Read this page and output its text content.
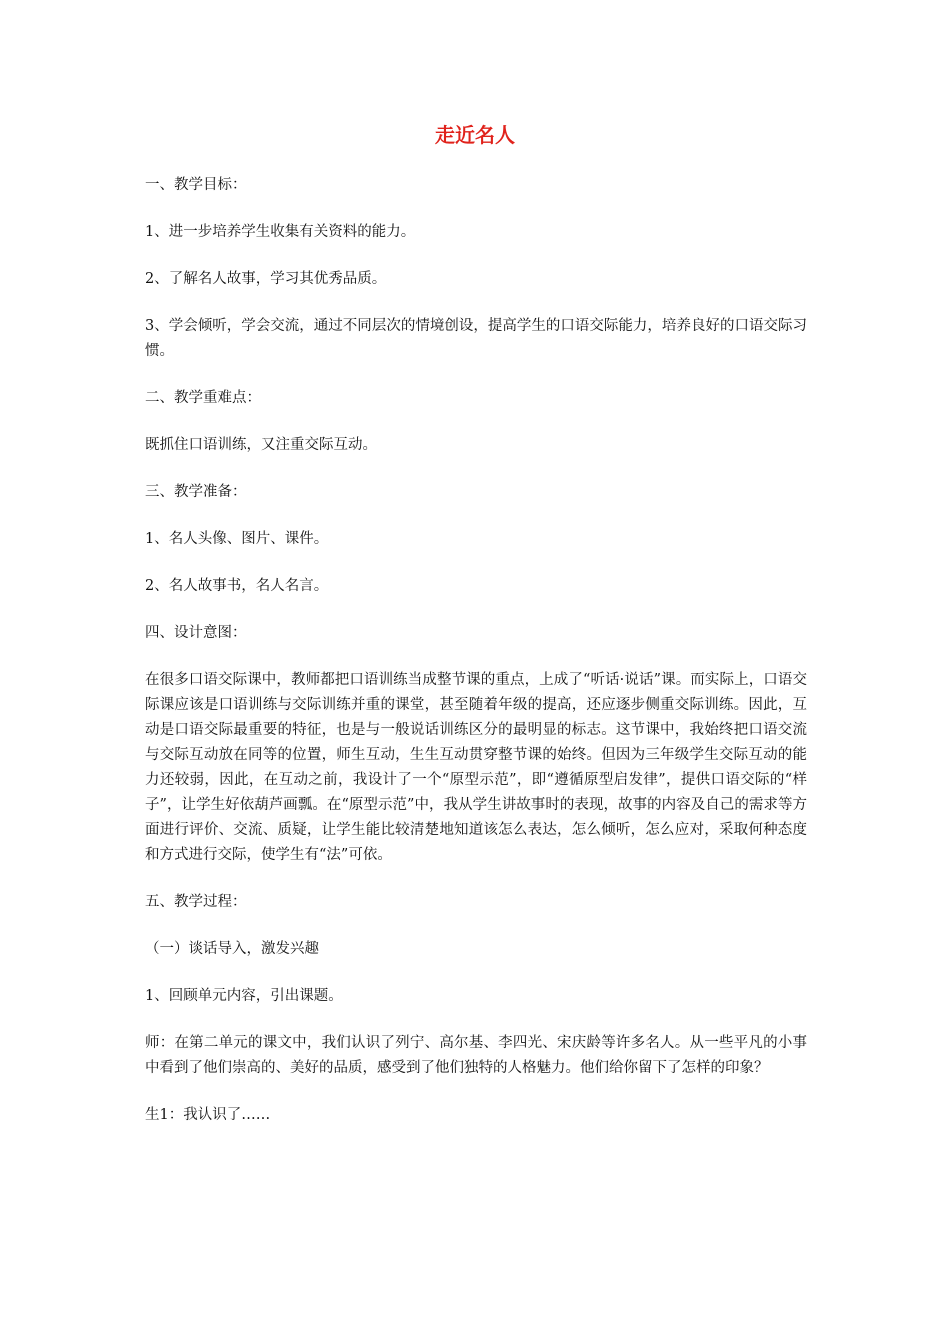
走近名人

一、教学目标：

1、进一步培养学生收集有关资料的能力。

2、了解名人故事，学习其优秀品质。

3、学会倾听，学会交流，通过不同层次的情境创设，提高学生的口语交际能力，培养良好的口语交际习惯。

二、教学重难点：

既抓住口语训练，又注重交际互动。

三、教学准备：

1、名人头像、图片、课件。

2、名人故事书，名人名言。

四、设计意图：

在很多口语交际课中，教师都把口语训练当成整节课的重点，上成了“听话·说话”课。而实际上，口语交际课应该是口语训练与交际训练并重的课堂，甚至随着年级的提高，还应逐步侧重交际训练。因此，互动是口语交际最重要的特征，也是与一般说话训练区分的最明显的标志。这节课中，我始终把口语交流与交际互动放在同等的位置，师生互动，生生互动贯穿整节课的始终。但因为三年级学生交际互动的能力还较弱，因此，在互动之前，我设计了一个“原型示范”，即“遵循原型启发律”，提供口语交际的“样子”，让学生好依葫芦画瓢。在“原型示范”中，我从学生讲故事时的表现，故事的内容及自己的需求等方面进行评价、交流、质疑，让学生能比较清楚地知道该怎么表达，怎么倾听，怎么应对，采取何种态度和方式进行交际，使学生有“法”可依。

五、教学过程：

（一）谈话导入，激发兴趣

1、回顾单元内容，引出课题。

师：在第二单元的课文中，我们认识了列宁、高尔基、李四光、宋庆龄等许多名人。从一些平凡的小事中看到了他们崇高的、美好的品质，感受到了他们独特的人格魅力。他们给你留下了怎样的印象？

生1：我认识了……
